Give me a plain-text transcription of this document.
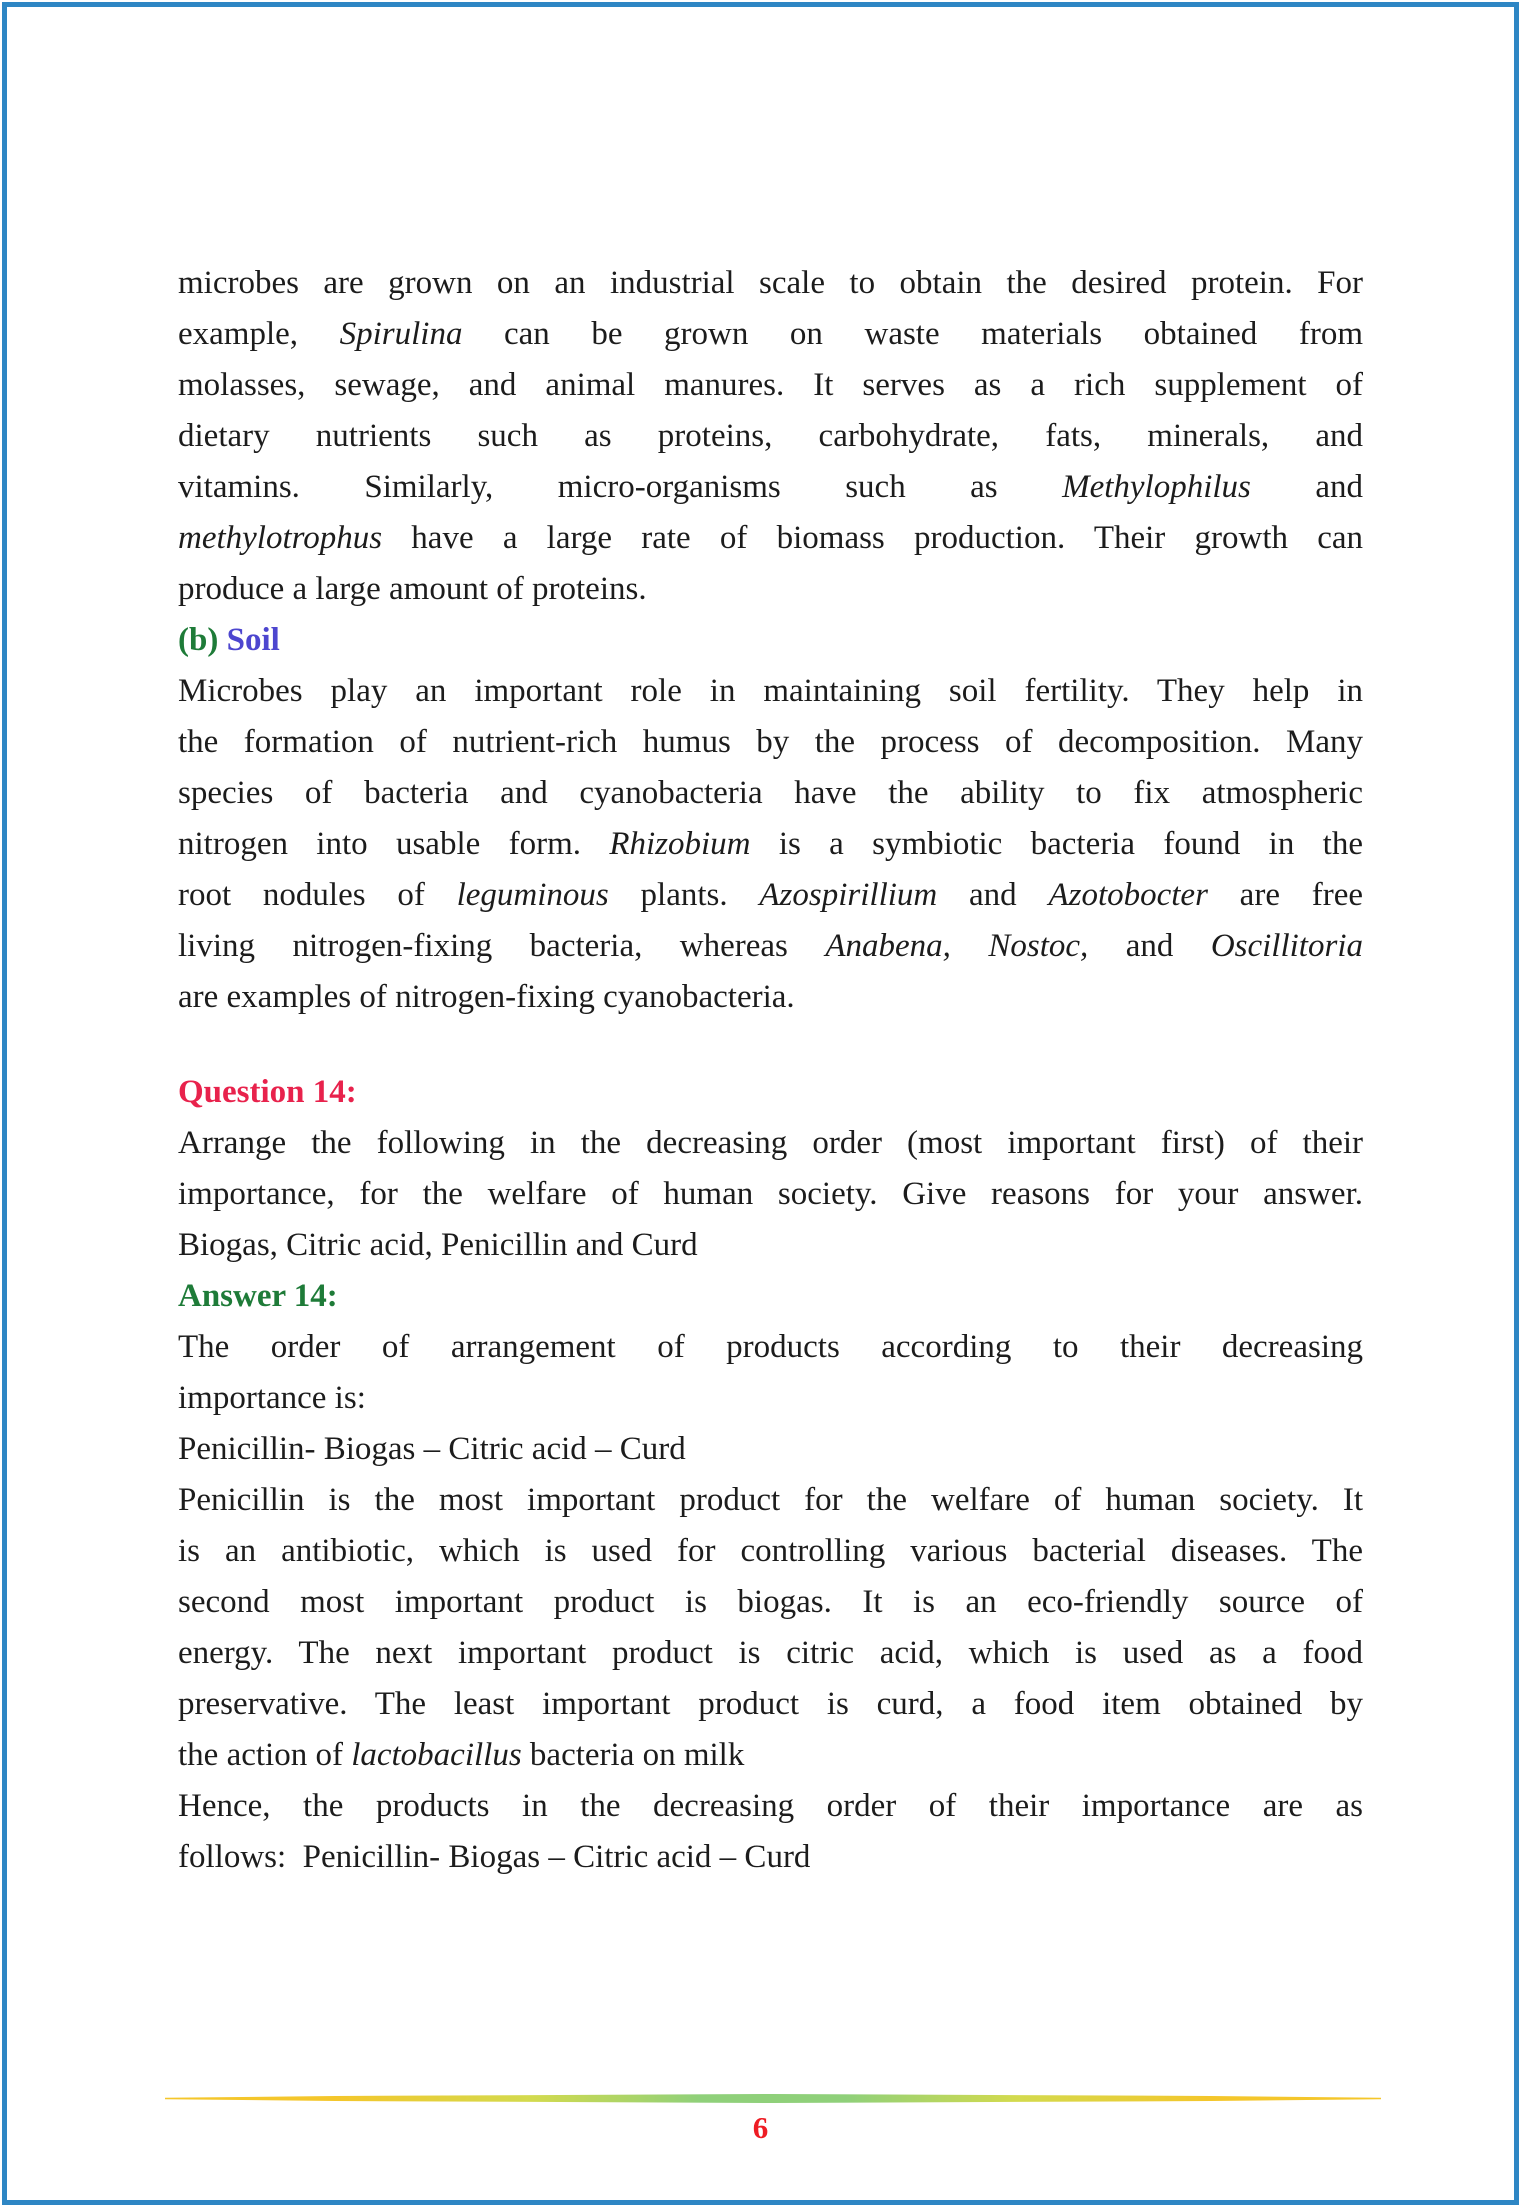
microbes are grown on an industrial scale to obtain the desired protein. For
example, Spirulina can be grown on waste materials obtained from
molasses, sewage, and animal manures. It serves as a rich supplement of
dietary nutrients such as proteins, carbohydrate, fats, minerals, and
vitamins. Similarly, micro-organisms such as Methylophilus and
methylotrophus have a large rate of biomass production. Their growth can
produce a large amount of proteins.
(b) Soil
Microbes play an important role in maintaining soil fertility. They help in
the formation of nutrient-rich humus by the process of decomposition. Many
species of bacteria and cyanobacteria have the ability to fix atmospheric
nitrogen into usable form. Rhizobium is a symbiotic bacteria found in the
root nodules of leguminous plants. Azospirillium and Azotobocter are free
living nitrogen-fixing bacteria, whereas Anabena, Nostoc, and Oscillitoria
are examples of nitrogen-fixing cyanobacteria.
Question 14:
Arrange the following in the decreasing order (most important first) of their
importance, for the welfare of human society. Give reasons for your answer.
Biogas, Citric acid, Penicillin and Curd
Answer 14:
The order of arrangement of products according to their decreasing
importance is:
Penicillin- Biogas – Citric acid – Curd
Penicillin is the most important product for the welfare of human society. It
is an antibiotic, which is used for controlling various bacterial diseases. The
second most important product is biogas. It is an eco-friendly source of
energy. The next important product is citric acid, which is used as a food
preservative. The least important product is curd, a food item obtained by
the action of lactobacillus bacteria on milk
Hence, the products in the decreasing order of their importance are as
follows:  Penicillin- Biogas – Citric acid – Curd
6
